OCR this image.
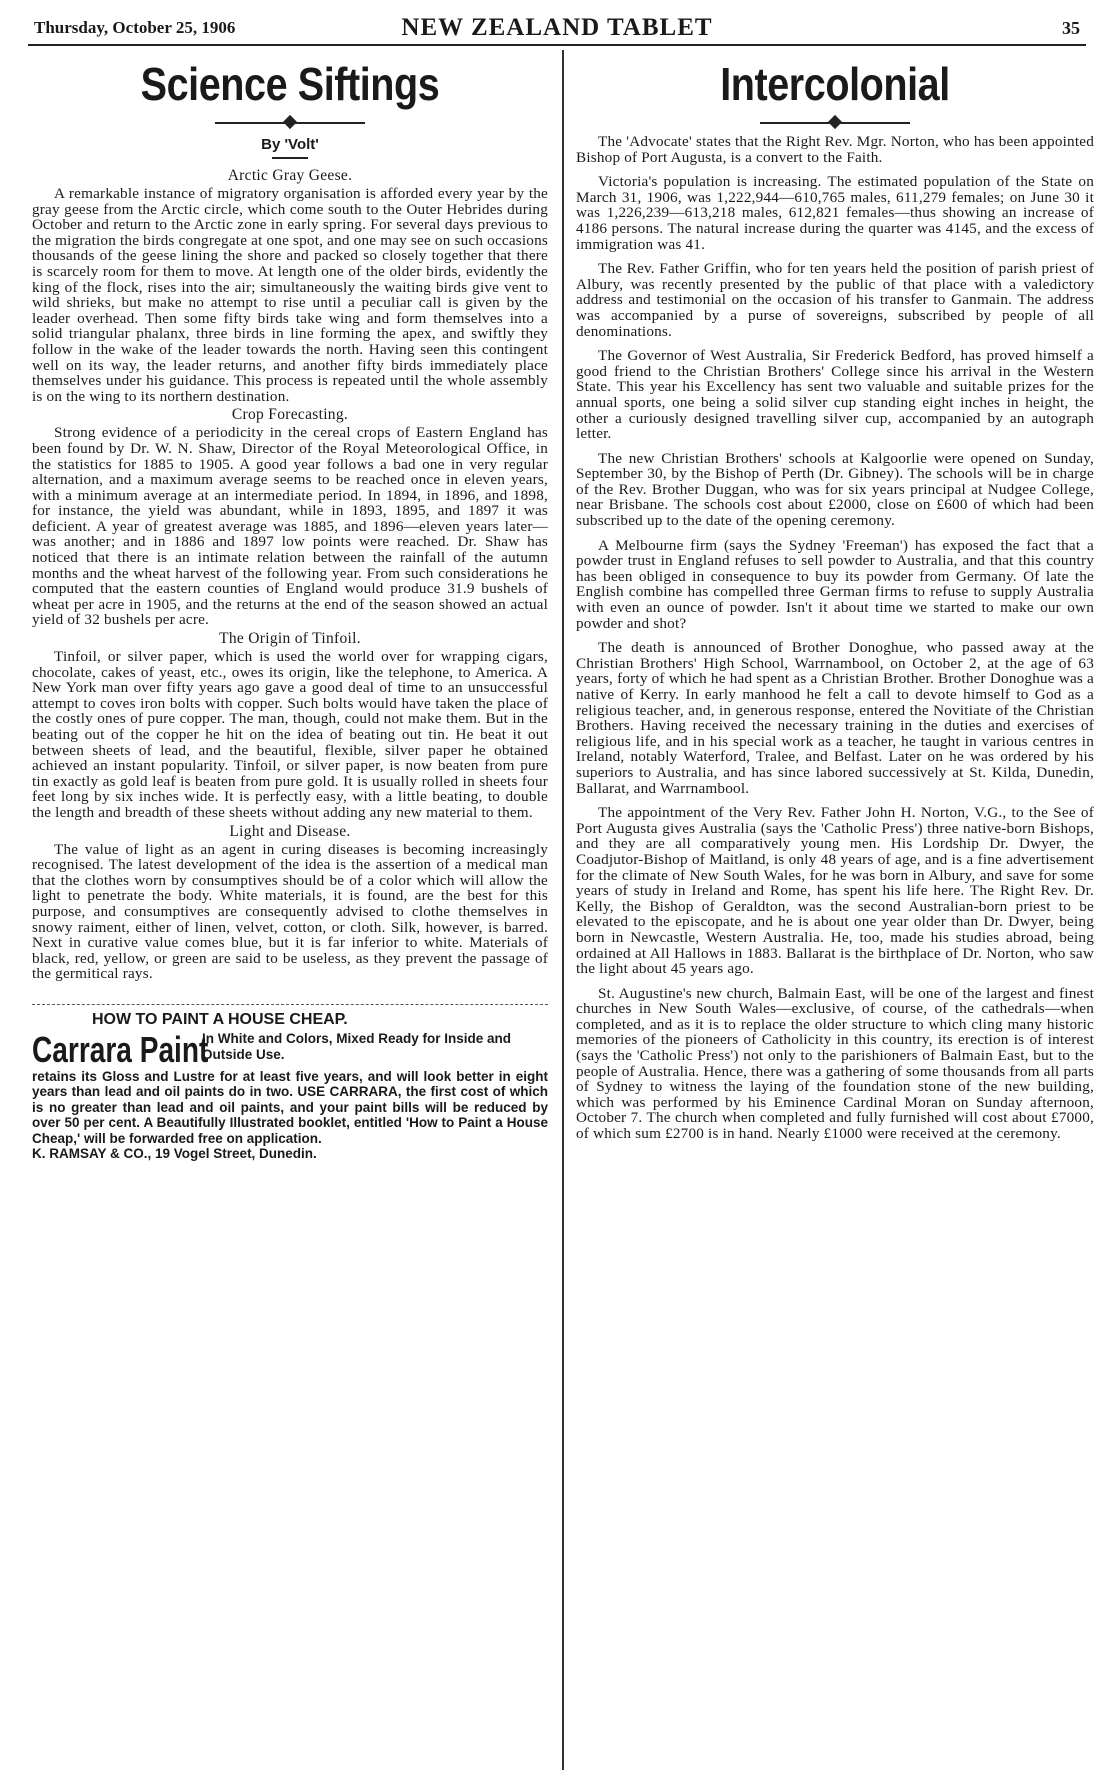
Thursday, October 25, 1906	NEW ZEALAND TABLET	35
Science Siftings
By 'Volt'
Arctic Gray Geese.

A remarkable instance of migratory organisation is afforded every year by the gray geese from the Arctic circle, which come south to the Outer Hebrides during October and return to the Arctic zone in early spring. For several days previous to the migration the birds congregate at one spot, and one may see on such occasions thousands of the geese lining the shore and packed so closely together that there is scarcely room for them to move. At length one of the older birds, evidently the king of the flock, rises into the air; simultaneously the waiting birds give vent to wild shrieks, but make no attempt to rise until a peculiar call is given by the leader overhead. Then some fifty birds take wing and form themselves into a solid triangular phalanx, three birds in line forming the apex, and swiftly they follow in the wake of the leader towards the north. Having seen this contingent well on its way, the leader returns, and another fifty birds immediately place themselves under his guidance. This process is repeated until the whole assembly is on the wing to its northern destination.

Crop Forecasting.

Strong evidence of a periodicity in the cereal crops of Eastern England has been found by Dr. W. N. Shaw, Director of the Royal Meteorological Office, in the statistics for 1885 to 1905. A good year follows a bad one in very regular alternation, and a maximum average seems to be reached once in eleven years, with a minimum average at an intermediate period. In 1894, in 1896, and 1898, for instance, the yield was abundant, while in 1893, 1895, and 1897 it was deficient. A year of greatest average was 1885, and 1896—eleven years later—was another; and in 1886 and 1897 low points were reached. Dr. Shaw has noticed that there is an intimate relation between the rainfall of the autumn months and the wheat harvest of the following year. From such considerations he computed that the eastern counties of England would produce 31.9 bushels of wheat per acre in 1905, and the returns at the end of the season showed an actual yield of 32 bushels per acre.

The Origin of Tinfoil.

Tinfoil, or silver paper, which is used the world over for wrapping cigars, chocolate, cakes of yeast, etc., owes its origin, like the telephone, to America. A New York man over fifty years ago gave a good deal of time to an unsuccessful attempt to coves iron bolts with copper. Such bolts would have taken the place of the costly ones of pure copper. The man, though, could not make them. But in the beating out of the copper he hit on the idea of beating out tin. He beat it out between sheets of lead, and the beautiful, flexible, silver paper he obtained achieved an instant popularity. Tinfoil, or silver paper, is now beaten from pure tin exactly as gold leaf is beaten from pure gold. It is usually rolled in sheets four feet long by six inches wide. It is perfectly easy, with a little beating, to double the length and breadth of these sheets without adding any new material to them.

Light and Disease.

The value of light as an agent in curing diseases is becoming increasingly recognised. The latest development of the idea is the assertion of a medical man that the clothes worn by consumptives should be of a color which will allow the light to penetrate the body. White materials, it is found, are the best for this purpose, and consumptives are consequently advised to clothe themselves in snowy raiment, either of linen, velvet, cotton, or cloth. Silk, however, is barred. Next in curative value comes blue, but it is far inferior to white. Materials of black, red, yellow, or green are said to be useless, as they prevent the passage of the germitical rays.

HOW TO PAINT A HOUSE CHEAP.
Carrara Paint
In White and Colors, Mixed Ready for Inside and Outside Use.
retains its Gloss and Lustre for at least five years, and will look better in eight years than lead and oil paints do in two. USE CARRARA, the first cost of which is no greater than lead and oil paints, and your paint bills will be reduced by over 50 per cent. A Beautifully Illustrated booklet, entitled 'How to Paint a House Cheap,' will be forwarded free on application.
K. RAMSAY & CO., 19 Vogel Street, Dunedin.
Intercolonial

The 'Advocate' states that the Right Rev. Mgr. Norton, who has been appointed Bishop of Port Augusta, is a convert to the Faith.

Victoria's population is increasing. The estimated population of the State on March 31, 1906, was 1,222,944—610,765 males, 611,279 females; on June 30 it was 1,226,239—613,218 males, 612,821 females—thus showing an increase of 4186 persons. The natural increase during the quarter was 4145, and the excess of immigration was 41.

The Rev. Father Griffin, who for ten years held the position of parish priest of Albury, was recently presented by the public of that place with a valedictory address and testimonial on the occasion of his transfer to Ganmain. The address was accompanied by a purse of sovereigns, subscribed by people of all denominations.

The Governor of West Australia, Sir Frederick Bedford, has proved himself a good friend to the Christian Brothers' College since his arrival in the Western State. This year his Excellency has sent two valuable and suitable prizes for the annual sports, one being a solid silver cup standing eight inches in height, the other a curiously designed travelling silver cup, accompanied by an autograph letter.

The new Christian Brothers' schools at Kalgoorlie were opened on Sunday, September 30, by the Bishop of Perth (Dr. Gibney). The schools will be in charge of the Rev. Brother Duggan, who was for six years principal at Nudgee College, near Brisbane. The schools cost about £2000, close on £600 of which had been subscribed up to the date of the opening ceremony.

A Melbourne firm (says the Sydney 'Freeman') has exposed the fact that a powder trust in England refuses to sell powder to Australia, and that this country has been obliged in consequence to buy its powder from Germany. Of late the English combine has compelled three German firms to refuse to supply Australia with even an ounce of powder. Isn't it about time we started to make our own powder and shot?

The death is announced of Brother Donoghue, who passed away at the Christian Brothers' High School, Warrnambool, on October 2, at the age of 63 years, forty of which he had spent as a Christian Brother. Brother Donoghue was a native of Kerry. In early manhood he felt a call to devote himself to God as a religious teacher, and, in generous response, entered the Novitiate of the Christian Brothers. Having received the necessary training in the duties and exercises of religious life, and in his special work as a teacher, he taught in various centres in Ireland, notably Waterford, Tralee, and Belfast. Later on he was ordered by his superiors to Australia, and has since labored successively at St. Kilda, Dunedin, Ballarat, and Warrnambool.

The appointment of the Very Rev. Father John H. Norton, V.G., to the See of Port Augusta gives Australia (says the 'Catholic Press') three native-born Bishops, and they are all comparatively young men. His Lordship Dr. Dwyer, the Coadjutor-Bishop of Maitland, is only 48 years of age, and is a fine advertisement for the climate of New South Wales, for he was born in Albury, and save for some years of study in Ireland and Rome, has spent his life here. The Right Rev. Dr. Kelly, the Bishop of Geraldton, was the second Australian-born priest to be elevated to the episcopate, and he is about one year older than Dr. Dwyer, being born in Newcastle, Western Australia. He, too, made his studies abroad, being ordained at All Hallows in 1883. Ballarat is the birthplace of Dr. Norton, who saw the light about 45 years ago.

St. Augustine's new church, Balmain East, will be one of the largest and finest churches in New South Wales—exclusive, of course, of the cathedrals—when completed, and as it is to replace the older structure to which cling many historic memories of the pioneers of Catholicity in this country, its erection is of interest (says the 'Catholic Press') not only to the parishioners of Balmain East, but to the people of Australia. Hence, there was a gathering of some thousands from all parts of Sydney to witness the laying of the foundation stone of the new building, which was performed by his Eminence Cardinal Moran on Sunday afternoon, October 7. The church when completed and fully furnished will cost about £7000, of which sum £2700 is in hand. Nearly £1000 were received at the ceremony.
